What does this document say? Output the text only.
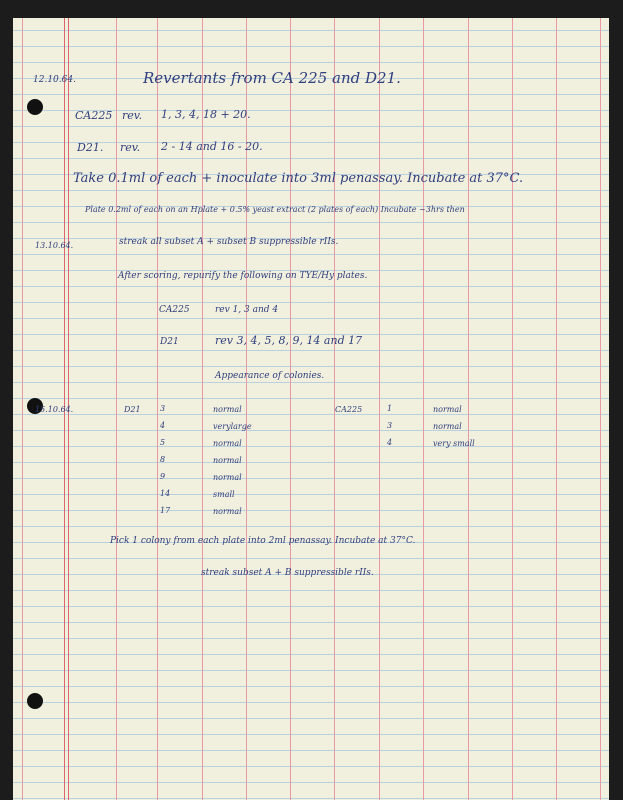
12.10.64.	Revertants from CA 225 and D21.
CA225 rev. 1, 3, 4, 18 + 20.
D21. rev. 2 - 14 and 16 - 20.
Take 0.1ml of each + inoculate into 3ml penassay. Incubate at 37°C.
Plate 0.2ml of each on an Hplate + 0.5% yeast extract (2 plates of each) Incubate ~3hrs then
13.10.64.	streak all subset A + subset B suppressible rIIs.
After scoring, repurify the following on TYE/Hy plates.
CA225	rev 1, 3 and 4
D21	rev 3, 4, 5, 8, 9, 14 and 17
Appearance of colonies.
15.10.64.	D21	CA225
3	normal
4	verylarge
5	normal
8	normal
9	normal
14	small
17	normal
1	normal
3	normal
4	very small
Pick 1 colony from each plate into 2ml penassay. Incubate at 37°C.
streak subset A + B suppressible rIIs.
